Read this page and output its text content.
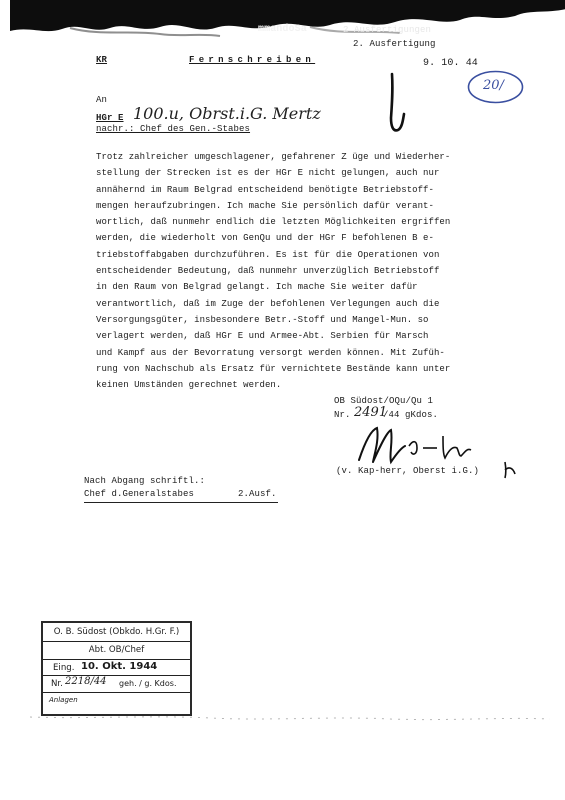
mmandoSa	2 Ausfertigungen
2. Ausfertigung
KR	Fernschreiben	9. 10. 44
20/
An
HGr E 100.u, Obrst.i.G. Mertz
nachr.: Chef des Gen.-Stabes
Trotz zahlreicher umgeschlagener, gefahrener Z üge und Wiederher-
stellung der Strecken ist es der HGr E nicht gelungen, auch nur
annähernd im Raum Belgrad entscheidend benötigte Betriebstoff-
mengen heraufzubringen. Ich mache Sie persönlich dafür verant-
wortlich, daß nunmehr endlich die letzten Möglichkeiten ergriffen
werden, die wiederholt von GenQu und der HGr F befohlenen B e-
triebstoffabgaben durchzuführen. Es ist für die Operationen von
entscheidender Bedeutung, daß nunmehr unverzüglich Betriebstoff
in den Raum von Belgrad gelangt. Ich mache Sie weiter dafür
verantwortlich, daß im Zuge der befohlenen Verlegungen auch die
Versorgungsgüter, insbesondere Betr.-Stoff und Mangel-Mun. so
verlagert werden, daß HGr E und Armee-Abt. Serbien für Marsch
und Kampf aus der Bevorratung versorgt werden können. Mit Zufüh-
rung von Nachschub als Ersatz für vernichtete Bestände kann unter
keinen Umständen gerechnet werden.
OB Südost/OQu/Qu 1
Nr. 2491
/44 gKdos.
(v. Kap-herr, Oberst i.G.)
Nach Abgang schriftl.:
Chef d.Generalstabes	2.Ausf.
O. B. Südost (Obkdo. H.Gr. F.)
Abt. OB/Chef
Eing. 10. Okt. 1944
Nr. 2218/44 geh. / g. Kdos.
Anlagen
